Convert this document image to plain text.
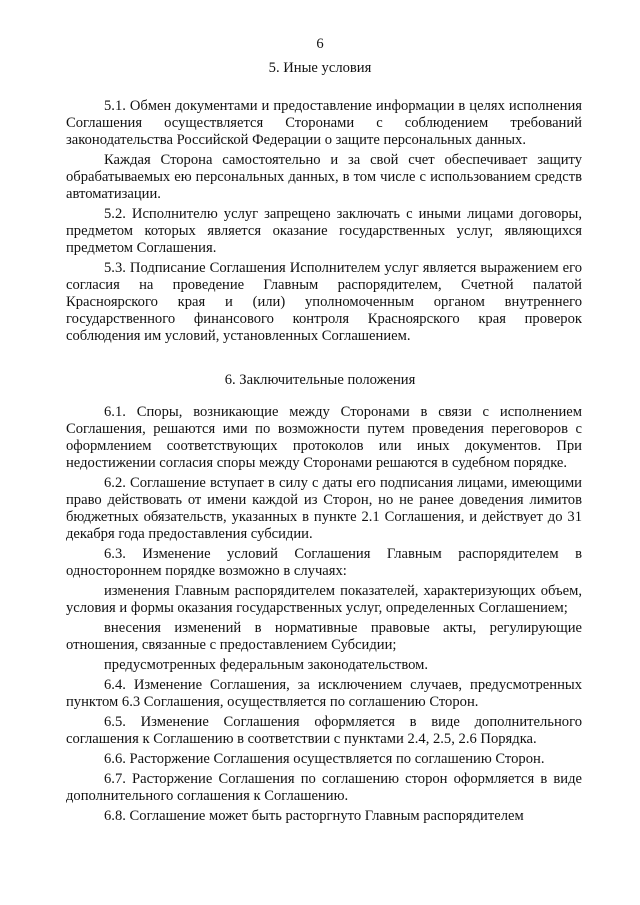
6
5. Иные условия

5.1. Обмен документами и предоставление информации в целях исполнения Соглашения осуществляется Сторонами с соблюдением требований законодательства Российской Федерации о защите персональных данных.

Каждая Сторона самостоятельно и за свой счет обеспечивает защиту обрабатываемых ею персональных данных, в том числе с использованием средств автоматизации.

5.2. Исполнителю услуг запрещено заключать с иными лицами договоры, предметом которых является оказание государственных услуг, являющихся предметом Соглашения.

5.3. Подписание Соглашения Исполнителем услуг является выражением его согласия на проведение Главным распорядителем, Счетной палатой Красноярского края и (или) уполномоченным органом внутреннего государственного финансового контроля Красноярского края проверок соблюдения им условий, установленных Соглашением.

6. Заключительные положения

6.1. Споры, возникающие между Сторонами в связи с исполнением Соглашения, решаются ими по возможности путем проведения переговоров с оформлением соответствующих протоколов или иных документов. При недостижении согласия споры между Сторонами решаются в судебном порядке.

6.2. Соглашение вступает в силу с даты его подписания лицами, имеющими право действовать от имени каждой из Сторон, но не ранее доведения лимитов бюджетных обязательств, указанных в пункте 2.1 Соглашения, и действует до 31 декабря года предоставления субсидии.

6.3. Изменение условий Соглашения Главным распорядителем в одностороннем порядке возможно в случаях:

изменения Главным распорядителем показателей, характеризующих объем, условия и формы оказания государственных услуг, определенных Соглашением;

внесения изменений в нормативные правовые акты, регулирующие отношения, связанные с предоставлением Субсидии;

предусмотренных федеральным законодательством.

6.4. Изменение Соглашения, за исключением случаев, предусмотренных пунктом 6.3 Соглашения, осуществляется по соглашению Сторон.

6.5. Изменение Соглашения оформляется в виде дополнительного соглашения к Соглашению в соответствии с пунктами 2.4, 2.5, 2.6 Порядка.

6.6. Расторжение Соглашения осуществляется по соглашению Сторон.

6.7. Расторжение Соглашения по соглашению сторон оформляется в виде дополнительного соглашения к Соглашению.

6.8. Соглашение может быть расторгнуто Главным распорядителем
